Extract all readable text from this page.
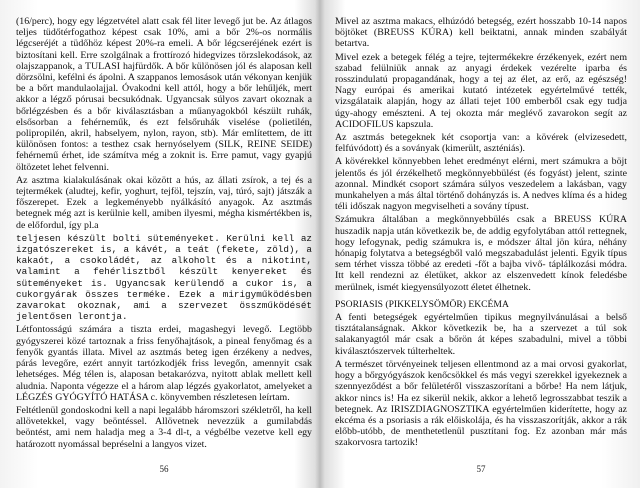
(16/perc), hogy egy légzetvétel alatt csak fél liter levegő jut be. Az átlagos teljes tüdőtérfogathoz képest csak 10%, ami a bőr 2%-os normális légcseréjét a tüdőhöz képest 20%-ra emeli. A bőr légcseréjének ezért is biztosítani kell. Erre szolgálnak a frottírozó hidegvizes törzslekodások, az olajszappanok, a TULASI hajfürdők. A bőr különösen jól és alaposan kell dörzsölni, kefélni és ápolni. A szappanos lemosások után vékonyan kenjük be a bőrt mandulaolajjal. Óvakodni kell attól, hogy a bőr lehűljék, mert akkor a légző pórusai becsukódnak. Ugyancsak súlyos zavart okoznak a bőrlégzésben és a bőr kiválasztásban a műanyagokból készült ruhák, elsősorban a fehérneműk, és ezt felsőruhák viselése (polietilén, polipropilén, akril, habselyem, nylon, rayon, stb). Már említettem, de itt különösen fontos: a testhez csak hernyóselyem (SILK, REINE SEIDE) fehérnemű érhet, ide számítva még a zoknit is. Erre pamut, vagy gyapjú öltözetet lehet felvenni.

Az asztma kialakulásának okai között a hús, az állati zsírok, a tej és a tejtermékek (aludtej, kefir, yoghurt, tejföl, tejszín, vaj, túró, sajt) játszák a főszerepet. Ezek a legkeményebb nyálkásító anyagok. Az asztmás betegnek még azt is kerülnie kell, amiben ilyesmi, mégha kismértékben is, de előfordul, így pl.a

teljesen készült bolti süteményeket. Kerülni kell az izgatószereket is, a kávét, a teát (fekete, zöld), a kakaót, a csokoládét, az alkoholt és a nikotint, valamint a fehérlisztből készült kenyereket és süteményeket is. Ugyancsak kerülendő a cukor is, a cukorgyárak összes terméke. Ezek a mirigyműködésben zavarokat okoznak, ami a szervezet összműködését jelentősen lerontja.

Létfontosságú számára a tiszta erdei, magashegyi levegő. Legtöbb gyógyszerei közé tartoznak a friss fenyőhajtások, a pineal fenyőmag és a fenyők gyantás illata. Mivel az asztmás beteg igen érzékeny a nedves, párás levegőre, ezért annyit tartózkodjék friss levegőn, amennyit csak lehetséges. Még télen is, alaposan betakarózva, nyitott ablak mellett kell aludnia. Naponta végezze el a három alap légzés gyakorlatot, amelyeket a LÉGZÉS GYÓGYÍTÓ HATÁSA c. könyvemben részletesen leírtam.

Feltétlenül gondoskodni kell a napi legalább háromszori székletről, ha kell allövetekkel, vagy beöntéssel. Allövetnek nevezzük a gumilabdás beöntést, ami nem haladja meg a 3-4 dl-t, a végbélbe vezetve kell egy határozott nyomással bepréselni a langyos vizet.

56

Mivel az asztma makacs, elhúzódó betegség, ezért hosszabb 10-14 napos böjtöket (BREUSS KÚRA) kell beiktatni, annak minden szabályát betartva.

Mivel ezek a betegek félég a tejre, tejtermékekre érzékenyek, ezért nem szabad felülniük annak az anyagi érdekek vezérelte iparba és rosszindulatú propagandának, hogy a tej az élet, az erő, az egészség! Nagy európai és amerikai kutató intézetek egyértelművé tették, vizsgálataik alapján, hogy az állati tejet 100 emberből csak egy tudja úgy-ahogy emészteni. A tej okozta már meglévő zavarokon segít az ACIDOFILUS kapszula.

Az asztmás betegeknek két csoportja van: a kövérek (elvizesedett, felfúvódott) és a soványak (kimerült, aszténiás).

A kövérekkel könnyebben lehet eredményt elérni, mert számukra a böjt jelentős és jól érzékelhető megkönnyebbülést (és fogyást) jelent, szinte azonnal. Mindkét csoport számára súlyos veszedelem a lakásban, vagy munkahelyen a más által történő dohányzás is. A nedves klíma és a hideg téli időszak nagyon megviselheti a sovány típust.

Számukra általában a megkönnyebbülés csak a BREUSS KÚRA huszadik napja után következik be, de addig egyfolytában attól rettegnek, hogy lefogynak, pedig számukra is, e módszer által jön kúra, néhány hónapig folytatva a betegségből való megszabadulást jelenti. Egyik típus sem térhet vissza többé az eredeti -főt a bajba vivő- táplálkozási módra. Itt kell rendezni az életüket, akkor az elszenvedett kínok feledésbe merülnek, ismét kiegyensúlyozott életet élhetnek.

PSORIASIS (PIKKELYSÖMÖR) EKCÉMA

A fenti betegségek egyértelműen tipikus megnyilvánulásai a belső tisztátalanságnak. Akkor következik be, ha a szervezet a túl sok salakanyagtól már csak a bőrön át képes szabadulni, mivel a többi kiválasztószervek túlterheltek.

A természet törvényeinek teljesen ellentmond az a mai orvosi gyakorlat, hogy a bőrgyógyászok kenőcsökkel és más vegyi szerekkel igyekeznek a szennyeződést a bőr felületéről visszaszorítani a bőrbe! Ha nem látjuk, akkor nincs is! Ha ez sikerül nekik, akkor a lehető legrosszabbat teszik a betegnek. Az IRISZDIAGNOSZTIKA egyértelműen kiderítette, hogy az ekcéma és a psoriasis a rák előiskolája, és ha visszaszorítják, akkor a rák előbb-utóbb, de menthetetlenül pusztítani fog. Ez azonban már más szakorvosra tartozik!

57
